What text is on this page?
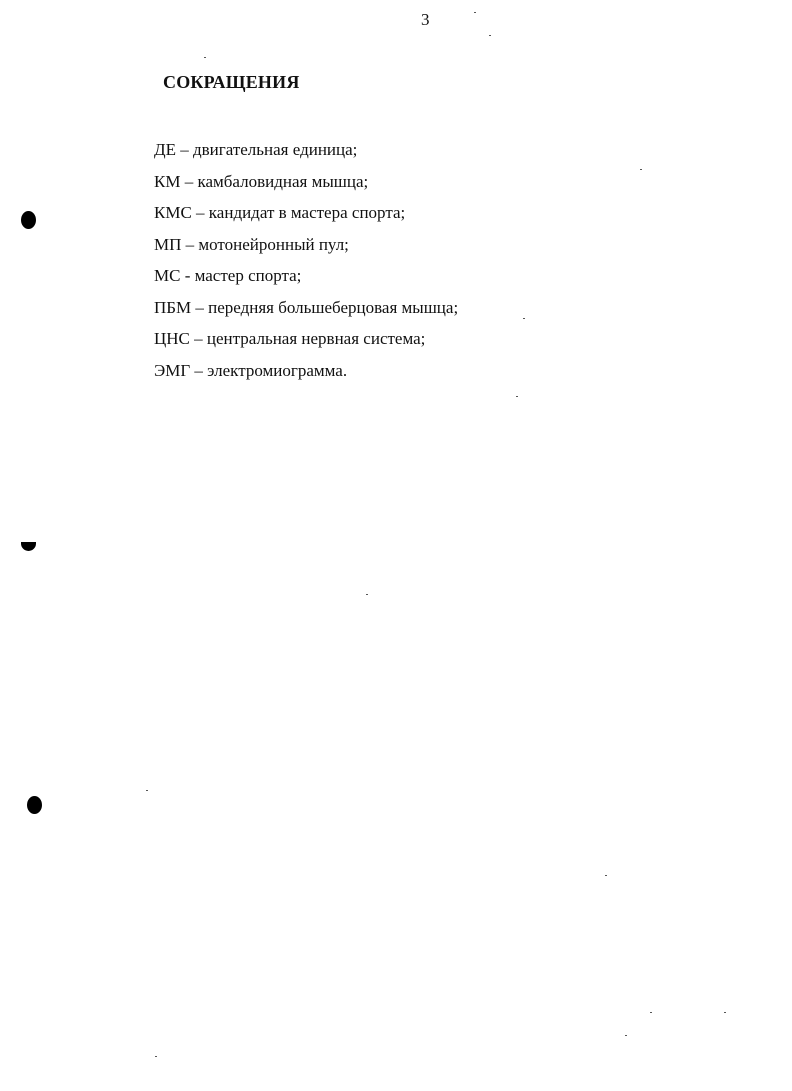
3
СОКРАЩЕНИЯ
ДЕ – двигательная единица;
КМ – камбаловидная мышца;
КМС – кандидат в мастера спорта;
МП – мотонейронный пул;
МС - мастер спорта;
ПБМ – передняя большеберцовая мышца;
ЦНС – центральная нервная система;
ЭМГ – электромиограмма.
